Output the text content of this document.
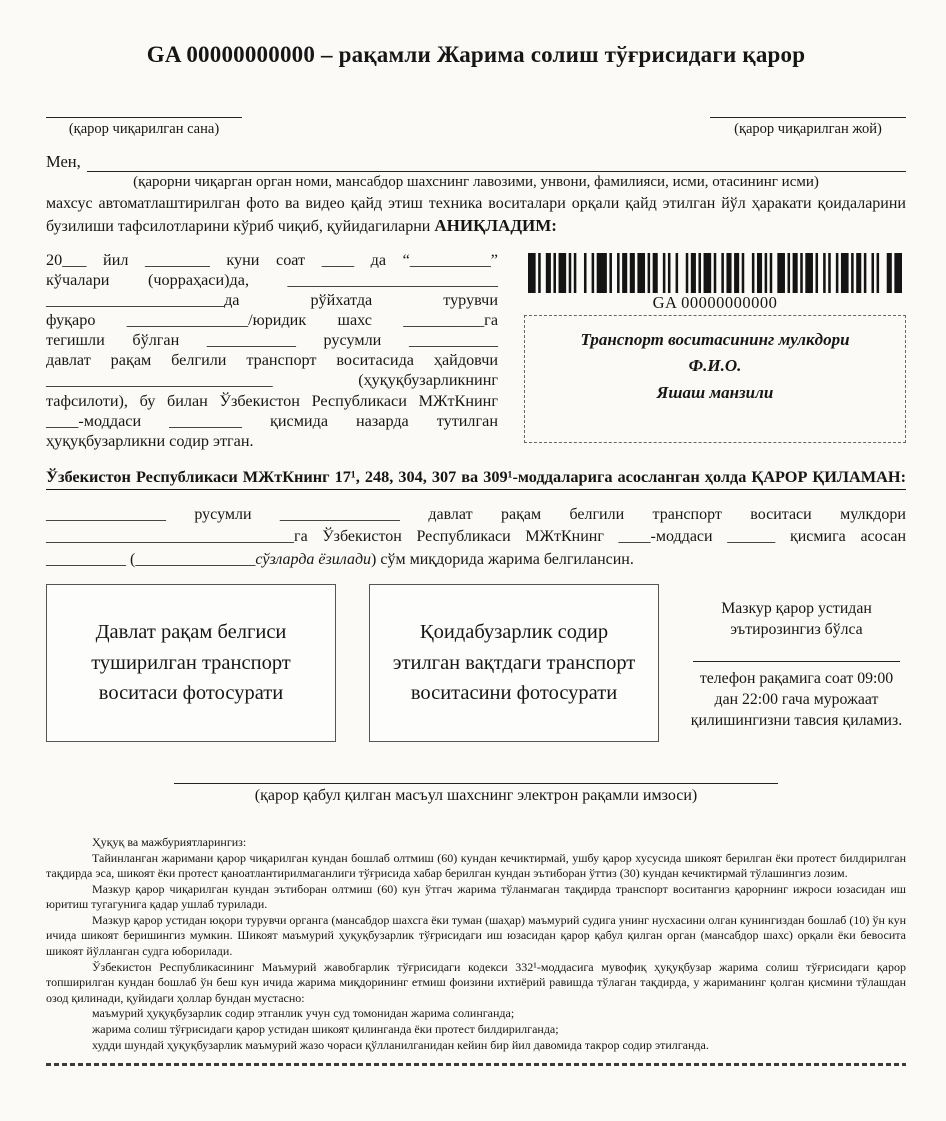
GA 00000000000 – рақамли Жарима солиш тўғрисидаги қарор
(қарор чиқарилган сана)	(қарор чиқарилган жой)
Мен,
(қарорни чиқарган орган номи, мансабдор шахснинг лавозими, унвони, фамилияси, исми, отасининг исми)

махсус автоматлаштирилган фото ва видео қайд этиш техника воситалари орқали қайд этилган йўл ҳаракати қоидаларини бузилиши тафсилотларини кўриб чиқиб, қуйидагиларни АНИҚЛАДИМ:

20___ йил ________ куни соат ____ да “__________”
кўчалари (чорраҳаси)да, __________________________
______________________да рўйхатда турувчи
фуқаро _______________/юридик шахс __________га
тегишли бўлган ___________ русумли ___________
давлат рақам белгили транспорт воситасида ҳайдовчи
____________________________ (ҳуқуқбузарликнинг
тафсилоти), бу билан Ўзбекистон Республикаси МЖтКнинг
____-моддаси _________ қисмида назарда тутилган
ҳуқуқбузарликни содир этган.
GA 00000000000
Транспорт воситасининг мулкдори
Ф.И.О.
Яшаш манзили
Ўзбекистон Республикаси МЖтКнинг 17¹, 248, 304, 307 ва 309¹-моддаларига асосланган ҳолда ҚАРОР ҚИЛАМАН:
_______________ русумли _______________ давлат рақам белгили транспорт воситаси мулкдори
_______________________________га Ўзбекистон Республикаси МЖтКнинг ____-моддаси ______ қисмига асосан
__________ (_______________сўзларда ёзилади) сўм миқдорида жарима белгилансин.
Давлат рақам белгиси туширилган транспорт воситаси фотосурати
Қоидабузарлик содир этилган вақтдаги транспорт воситасини фотосурати
Мазкур қарор устидан эътирозингиз бўлса
телефон рақамига соат 09:00 дан 22:00 гача мурожаат қилишингизни тавсия қиламиз.
(қарор қабул қилган масъул шахснинг электрон рақамли имзоси)

Ҳуқуқ ва мажбуриятларингиз:

Тайинланган жаримани қарор чиқарилган кундан бошлаб олтмиш (60) кундан кечиктирмай, ушбу қарор хусусида шикоят берилган ёки протест билдирилган тақдирда эса, шикоят ёки протест қаноатлантирилмаганлиги тўғрисида хабар берилган кундан эътиборан ўттиз (30) кундан кечиктирмай тўлашингиз лозим.

Мазкур қарор чиқарилган кундан эътиборан олтмиш (60) кун ўтгач жарима тўланмаган тақдирда транспорт воситангиз қарорнинг ижроси юзасидан иш юритиш тугагунига қадар ушлаб турилади.

Мазкур қарор устидан юқори турувчи органга (мансабдор шахсга ёки туман (шаҳар) маъмурий судига унинг нусхасини олган кунингиздан бошлаб (10) ўн кун ичида шикоят беришингиз мумкин. Шикоят маъмурий ҳуқуқбузарлик тўғрисидаги иш юзасидан қарор қабул қилган орган (мансабдор шахс) орқали ёки бевосита шикоят йўлланган судга юборилади.

Ўзбекистон Республикасининг Маъмурий жавобгарлик тўғрисидаги кодекси 332¹-моддасига мувофиқ ҳуқуқбузар жарима солиш тўғрисидаги қарор топширилган кундан бошлаб ўн беш кун ичида жарима миқдорининг етмиш фоизини ихтиёрий равишда тўлаган тақдирда, у жариманинг қолган қисмини тўлашдан озод қилинади, қуйидаги ҳоллар бундан мустасно:

маъмурий ҳуқуқбузарлик содир этганлик учун суд томонидан жарима солинганда;
жарима солиш тўғрисидаги қарор устидан шикоят қилинганда ёки протест билдирилганда;
худди шундай ҳуқуқбузарлик маъмурий жазо чораси қўлланилганидан кейин бир йил давомида такрор содир этилганда.
